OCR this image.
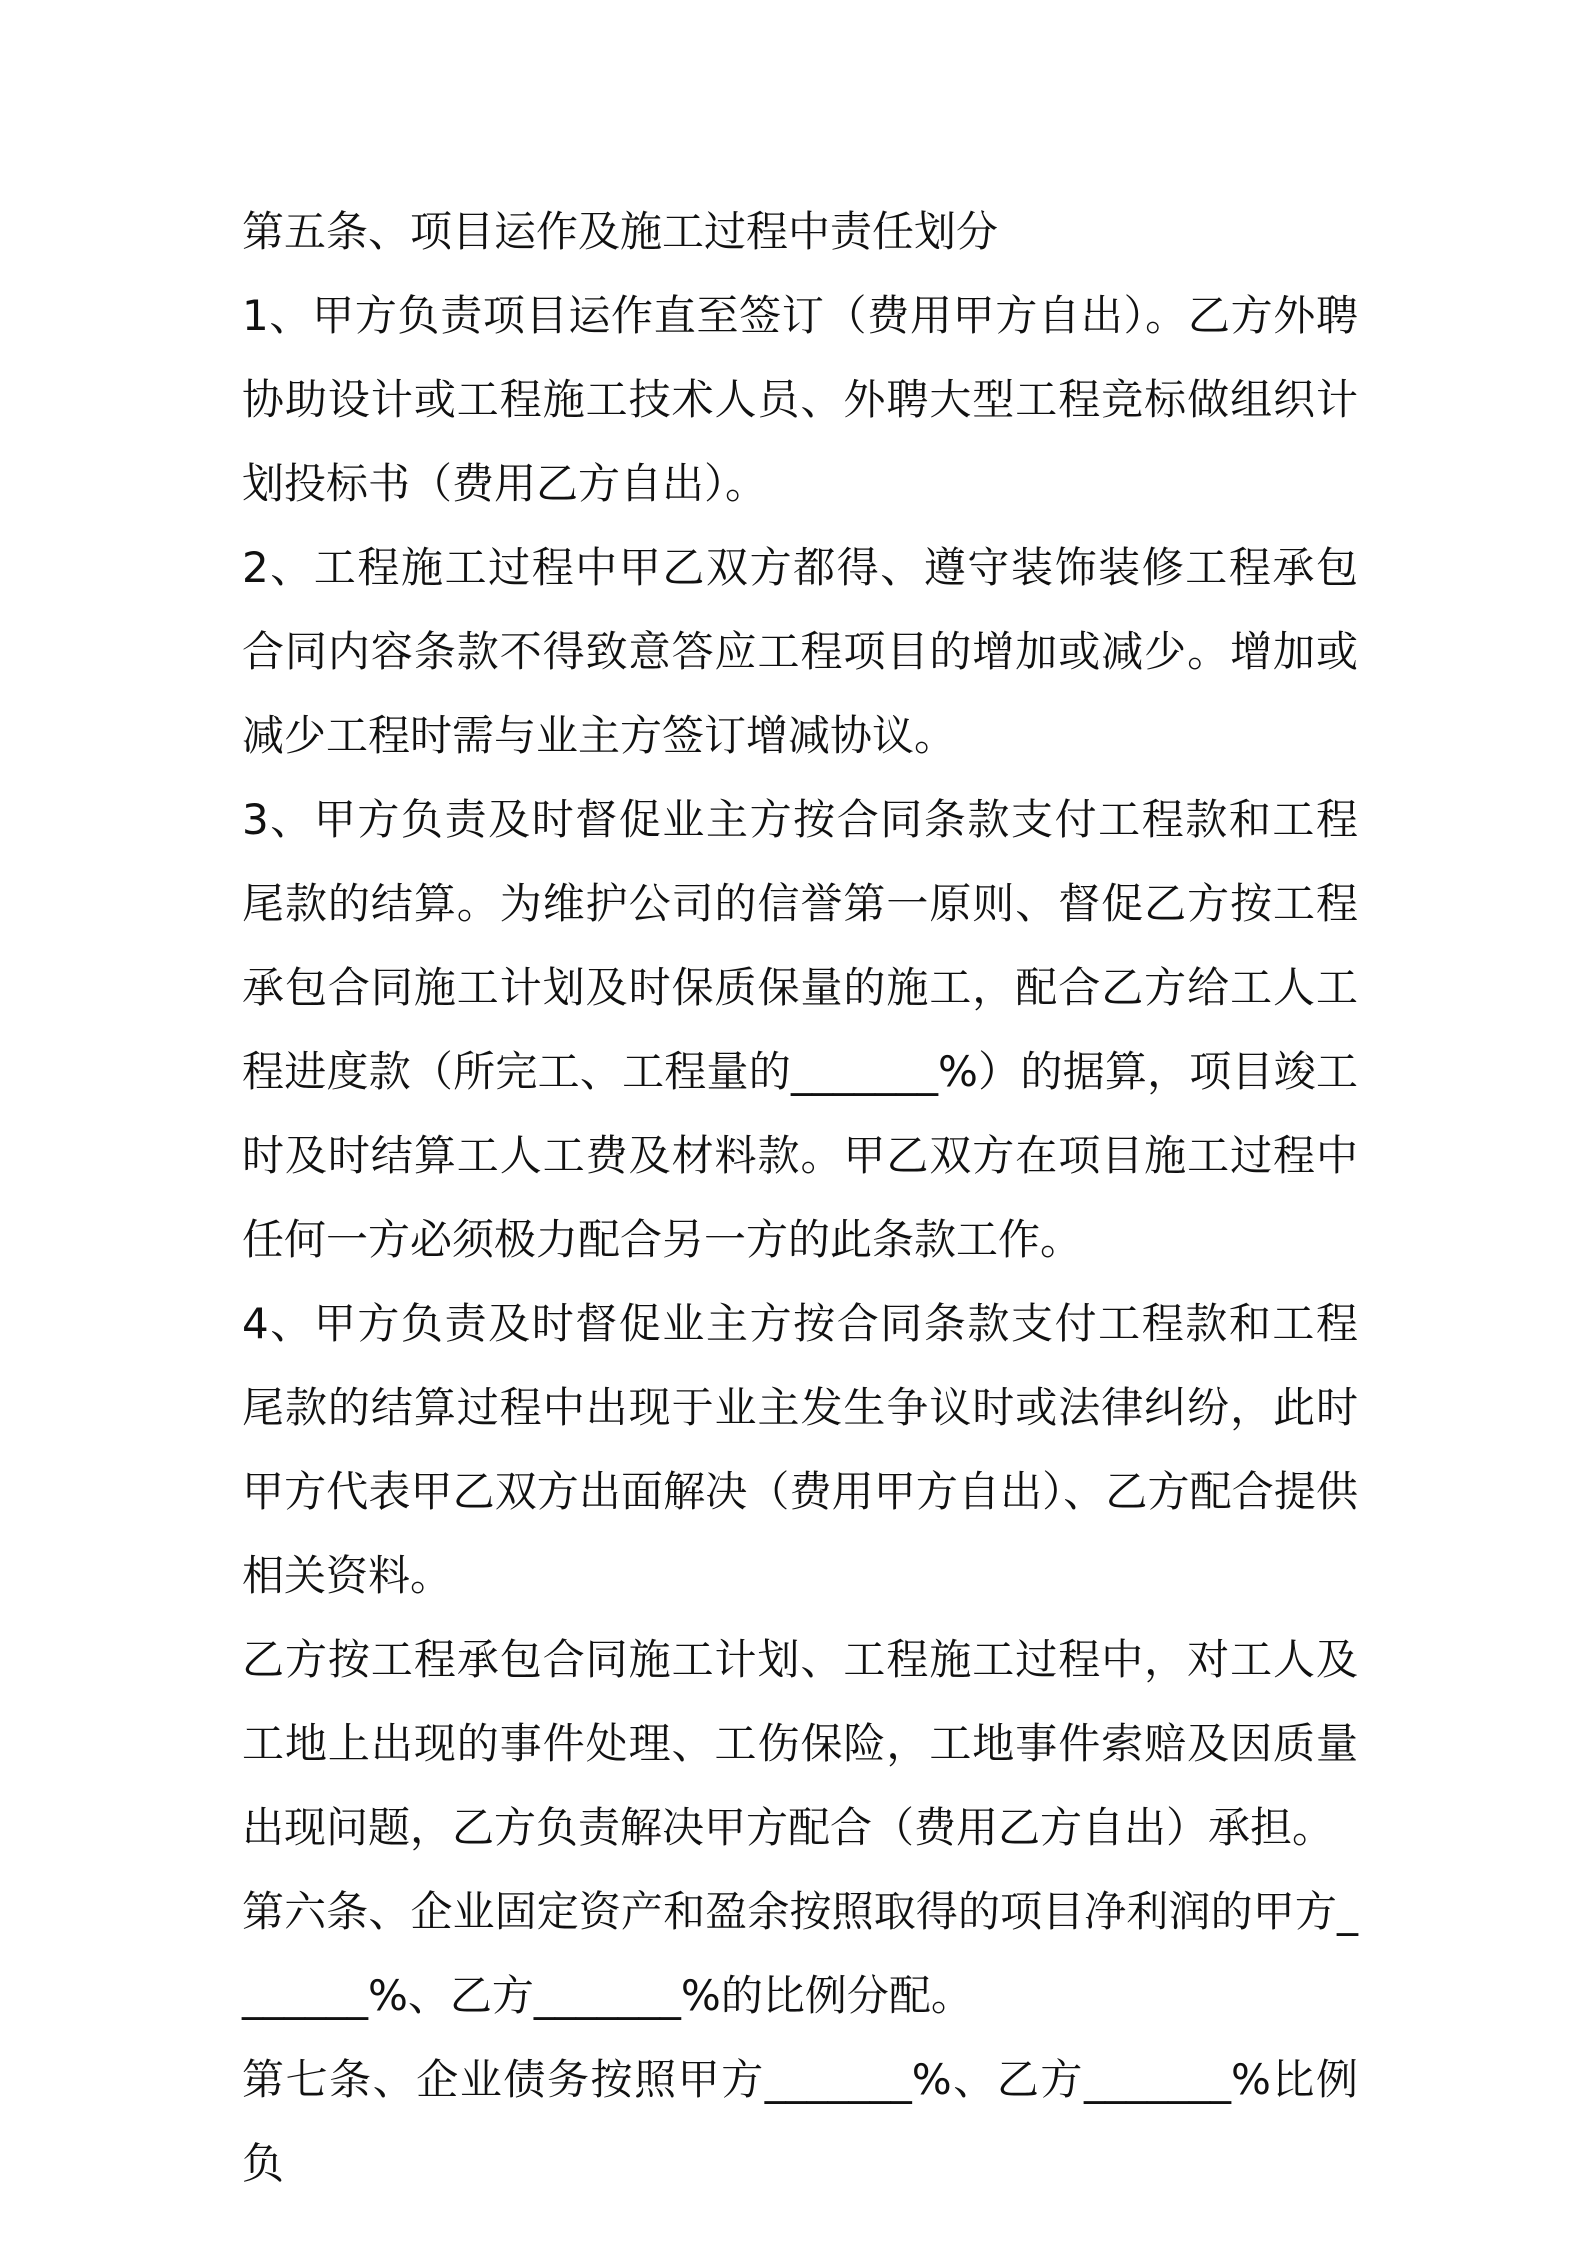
第五条、项目运作及施工过程中责任划分

1、甲方负责项目运作直至签订（费用甲方自出）。乙方外聘协助设计或工程施工技术人员、外聘大型工程竞标做组织计划投标书（费用乙方自出）。

2、工程施工过程中甲乙双方都得、遵守装饰装修工程承包合同内容条款不得致意答应工程项目的增加或减少。增加或减少工程时需与业主方签订增减协议。

3、甲方负责及时督促业主方按合同条款支付工程款和工程尾款的结算。为维护公司的信誉第一原则、督促乙方按工程承包合同施工计划及时保质保量的施工，配合乙方给工人工程进度款（所完工、工程量的_______%）的据算，项目竣工时及时结算工人工费及材料款。甲乙双方在项目施工过程中任何一方必须极力配合另一方的此条款工作。

4、甲方负责及时督促业主方按合同条款支付工程款和工程尾款的结算过程中出现于业主发生争议时或法律纠纷，此时甲方代表甲乙双方出面解决（费用甲方自出）、乙方配合提供相关资料。

乙方按工程承包合同施工计划、工程施工过程中，对工人及工地上出现的事件处理、工伤保险，工地事件索赔及因质量出现问题，乙方负责解决甲方配合（费用乙方自出）承担。

第六条、企业固定资产和盈余按照取得的项目净利润的甲方_______%、乙方_______%的比例分配。

第七条、企业债务按照甲方_______%、乙方_______%比例负
